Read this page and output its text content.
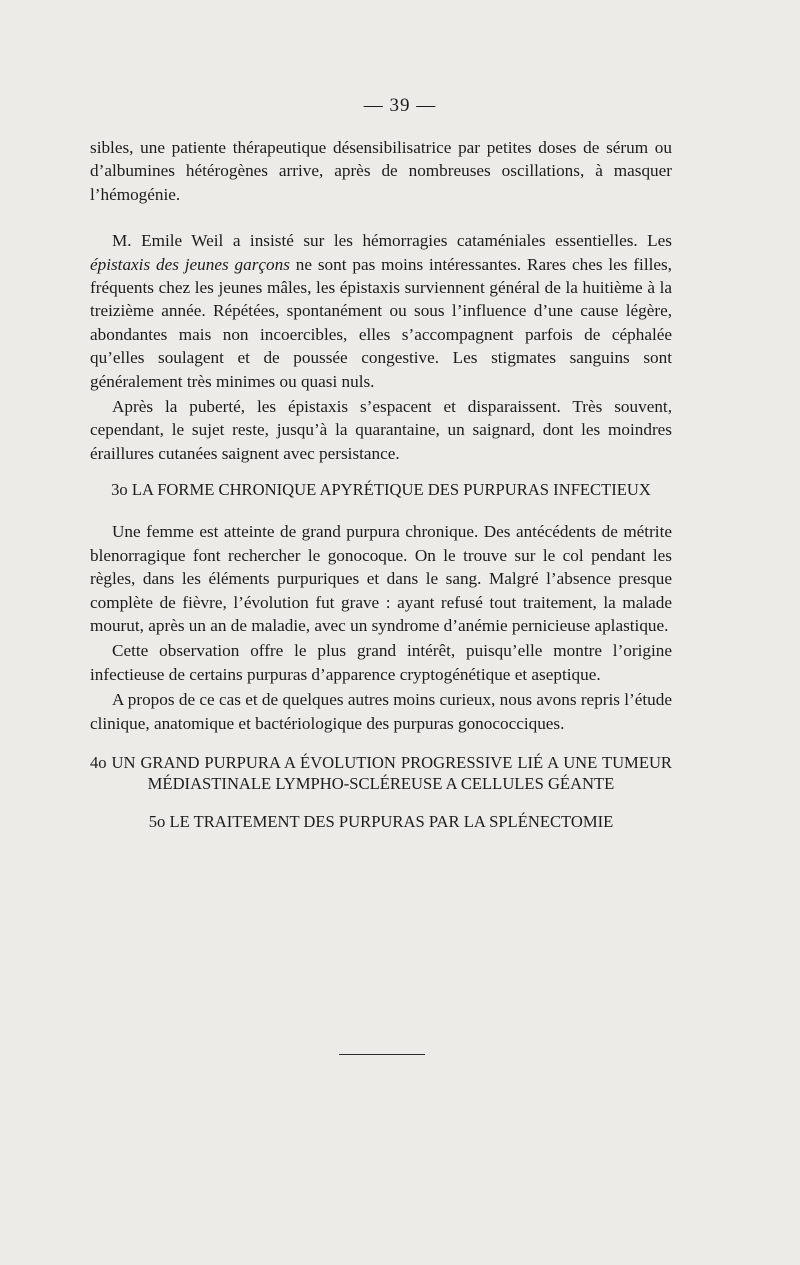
— 39 —

sibles, une patiente thérapeutique désensibilisatrice par petites doses de sérum ou d’albumines hétérogènes arrive, après de nombreuses oscillations, à masquer l’hémogénie.

M. Emile Weil a insisté sur les hémorragies cataméniales essentielles. Les épistaxis des jeunes garçons ne sont pas moins intéressantes. Rares ches les filles, fréquents chez les jeunes mâles, les épistaxis surviennent général de la huitième à la treizième année. Répétées, spontanément ou sous l’influence d’une cause légère, abondantes mais non incoercibles, elles s’accompagnent parfois de céphalée qu’elles soulagent et de poussée congestive. Les stigmates sanguins sont généralement très minimes ou quasi nuls.

Après la puberté, les épistaxis s’espacent et disparaissent. Très souvent, cependant, le sujet reste, jusqu’à la quarantaine, un saignard, dont les moindres éraillures cutanées saignent avec persistance.

3o LA FORME CHRONIQUE APYRÉTIQUE DES PURPURAS INFECTIEUX

Une femme est atteinte de grand purpura chronique. Des antécédents de métrite blenorragique font rechercher le gonocoque. On le trouve sur le col pendant les règles, dans les éléments purpuriques et dans le sang. Malgré l’absence presque complète de fièvre, l’évolution fut grave : ayant refusé tout traitement, la malade mourut, après un an de maladie, avec un syndrome d’anémie pernicieuse aplastique.

Cette observation offre le plus grand intérêt, puisqu’elle montre l’origine infectieuse de certains purpuras d’apparence cryptogénétique et aseptique.

A propos de ce cas et de quelques autres moins curieux, nous avons repris l’étude clinique, anatomique et bactériologique des purpuras gonococciques.

4o UN GRAND PURPURA A ÉVOLUTION PROGRESSIVE LIÉ A UNE TUMEUR MÉDIASTINALE LYMPHO-SCLÉREUSE A CELLULES GÉANTE
5o LE TRAITEMENT DES PURPURAS PAR LA SPLÉNECTOMIE
